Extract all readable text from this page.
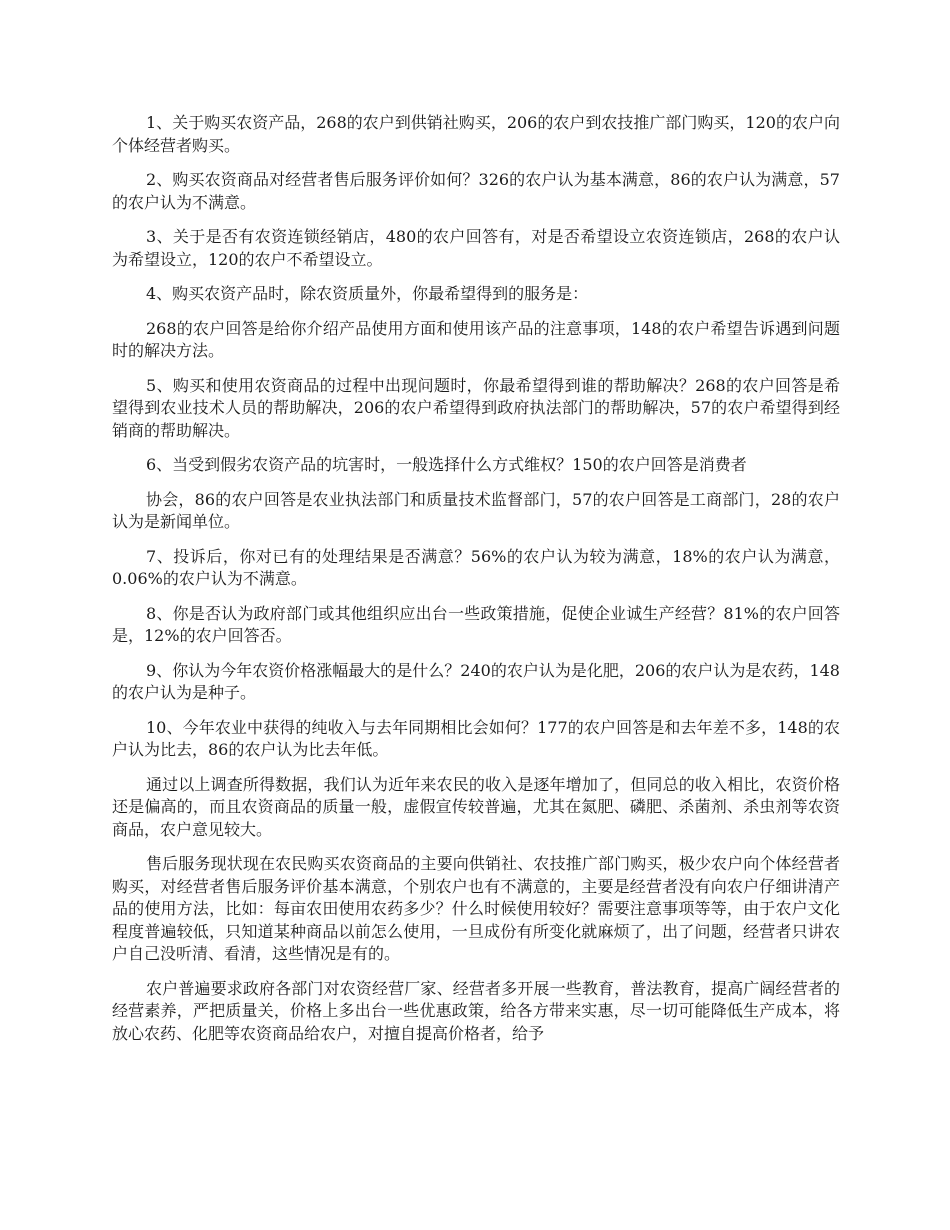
1、关于购买农资产品，268的农户到供销社购买，206的农户到农技推广部门购买，120的农户向个体经营者购买。

2、购买农资商品对经营者售后服务评价如何？326的农户认为基本满意，86的农户认为满意，57的农户认为不满意。

3、关于是否有农资连锁经销店，480的农户回答有，对是否希望设立农资连锁店，268的农户认为希望设立，120的农户不希望设立。

4、购买农资产品时，除农资质量外，你最希望得到的服务是：

268的农户回答是给你介绍产品使用方面和使用该产品的注意事项，148的农户希望告诉遇到问题时的解决方法。

5、购买和使用农资商品的过程中出现问题时，你最希望得到谁的帮助解决？268的农户回答是希望得到农业技术人员的帮助解决，206的农户希望得到政府执法部门的帮助解决，57的农户希望得到经销商的帮助解决。

6、当受到假劣农资产品的坑害时，一般选择什么方式维权？150的农户回答是消费者

协会，86的农户回答是农业执法部门和质量技术监督部门，57的农户回答是工商部门，28的农户认为是新闻单位。

7、投诉后，你对已有的处理结果是否满意？56%的农户认为较为满意，18%的农户认为满意，0.06%的农户认为不满意。

8、你是否认为政府部门或其他组织应出台一些政策措施，促使企业诚生产经营？81%的农户回答是，12%的农户回答否。

9、你认为今年农资价格涨幅最大的是什么？240的农户认为是化肥，206的农户认为是农药，148的农户认为是种子。

10、今年农业中获得的纯收入与去年同期相比会如何？177的农户回答是和去年差不多，148的农户认为比去，86的农户认为比去年低。

通过以上调查所得数据，我们认为近年来农民的收入是逐年增加了，但同总的收入相比，农资价格还是偏高的，而且农资商品的质量一般，虚假宣传较普遍，尤其在氮肥、磷肥、杀菌剂、杀虫剂等农资商品，农户意见较大。

售后服务现状现在农民购买农资商品的主要向供销社、农技推广部门购买，极少农户向个体经营者购买，对经营者售后服务评价基本满意，个别农户也有不满意的，主要是经营者没有向农户仔细讲清产品的使用方法，比如：每亩农田使用农药多少？什么时候使用较好？需要注意事项等等，由于农户文化程度普遍较低，只知道某种商品以前怎么使用，一旦成份有所变化就麻烦了，出了问题，经营者只讲农户自己没听清、看清，这些情况是有的。

农户普遍要求政府各部门对农资经营厂家、经营者多开展一些教育，普法教育，提高广阔经营者的经营素养，严把质量关，价格上多出台一些优惠政策，给各方带来实惠，尽一切可能降低生产成本，将放心农药、化肥等农资商品给农户，对擅自提高价格者，给予
